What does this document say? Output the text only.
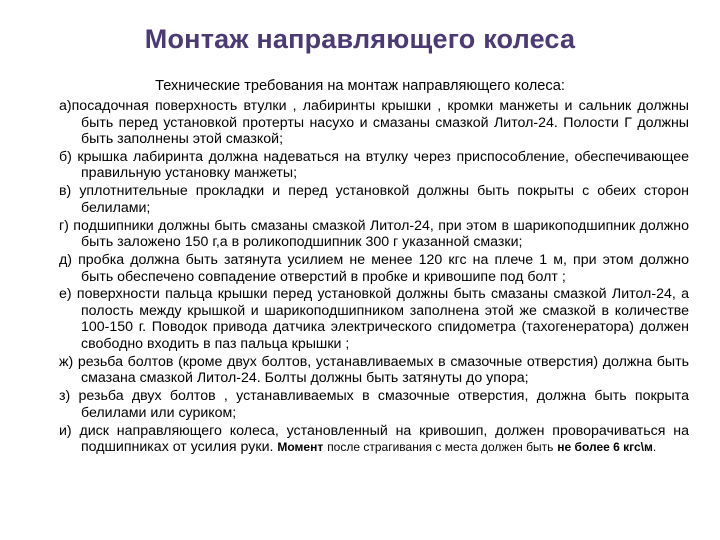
Монтаж направляющего колеса
Технические требования на монтаж направляющего колеса:
а)посадочная поверхность втулки , лабиринты крышки , кромки манжеты и сальник должны быть перед установкой протерты насухо и смазаны смазкой Литол-24. Полости Г должны быть заполнены этой смазкой;
б) крышка лабиринта должна надеваться на втулку через приспособление, обеспечивающее правильную установку манжеты;
в) уплотнительные прокладки и перед установкой должны быть покрыты с обеих сторон белилами;
г) подшипники должны быть смазаны смазкой Литол-24, при этом в шарикоподшипник должно быть заложено 150 г,а в роликоподшипник 300 г указанной смазки;
д) пробка должна быть затянута усилием не менее 120 кгс на плече 1 м, при этом должно быть обеспечено совпадение отверстий в пробке и кривошипе под болт ;
е) поверхности пальца крышки перед установкой должны быть смазаны смазкой Литол-24, а полость между крышкой и шарикоподшипником заполнена этой же смазкой в количестве 100-150 г. Поводок привода датчика электрического спидометра (тахогенератора) должен свободно входить в паз пальца крышки ;
ж) резьба болтов (кроме двух болтов, устанавливаемых в смазочные отверстия) должна быть смазана смазкой Литол-24. Болты должны быть затянуты до упора;
з) резьба двух болтов , устанавливаемых в смазочные отверстия, должна быть покрыта белилами или суриком;
и) диск направляющего колеса, установленный на кривошип, должен проворачиваться на подшипниках от усилия руки. Момент после страгивания с места должен быть не более 6 кгс\м.
